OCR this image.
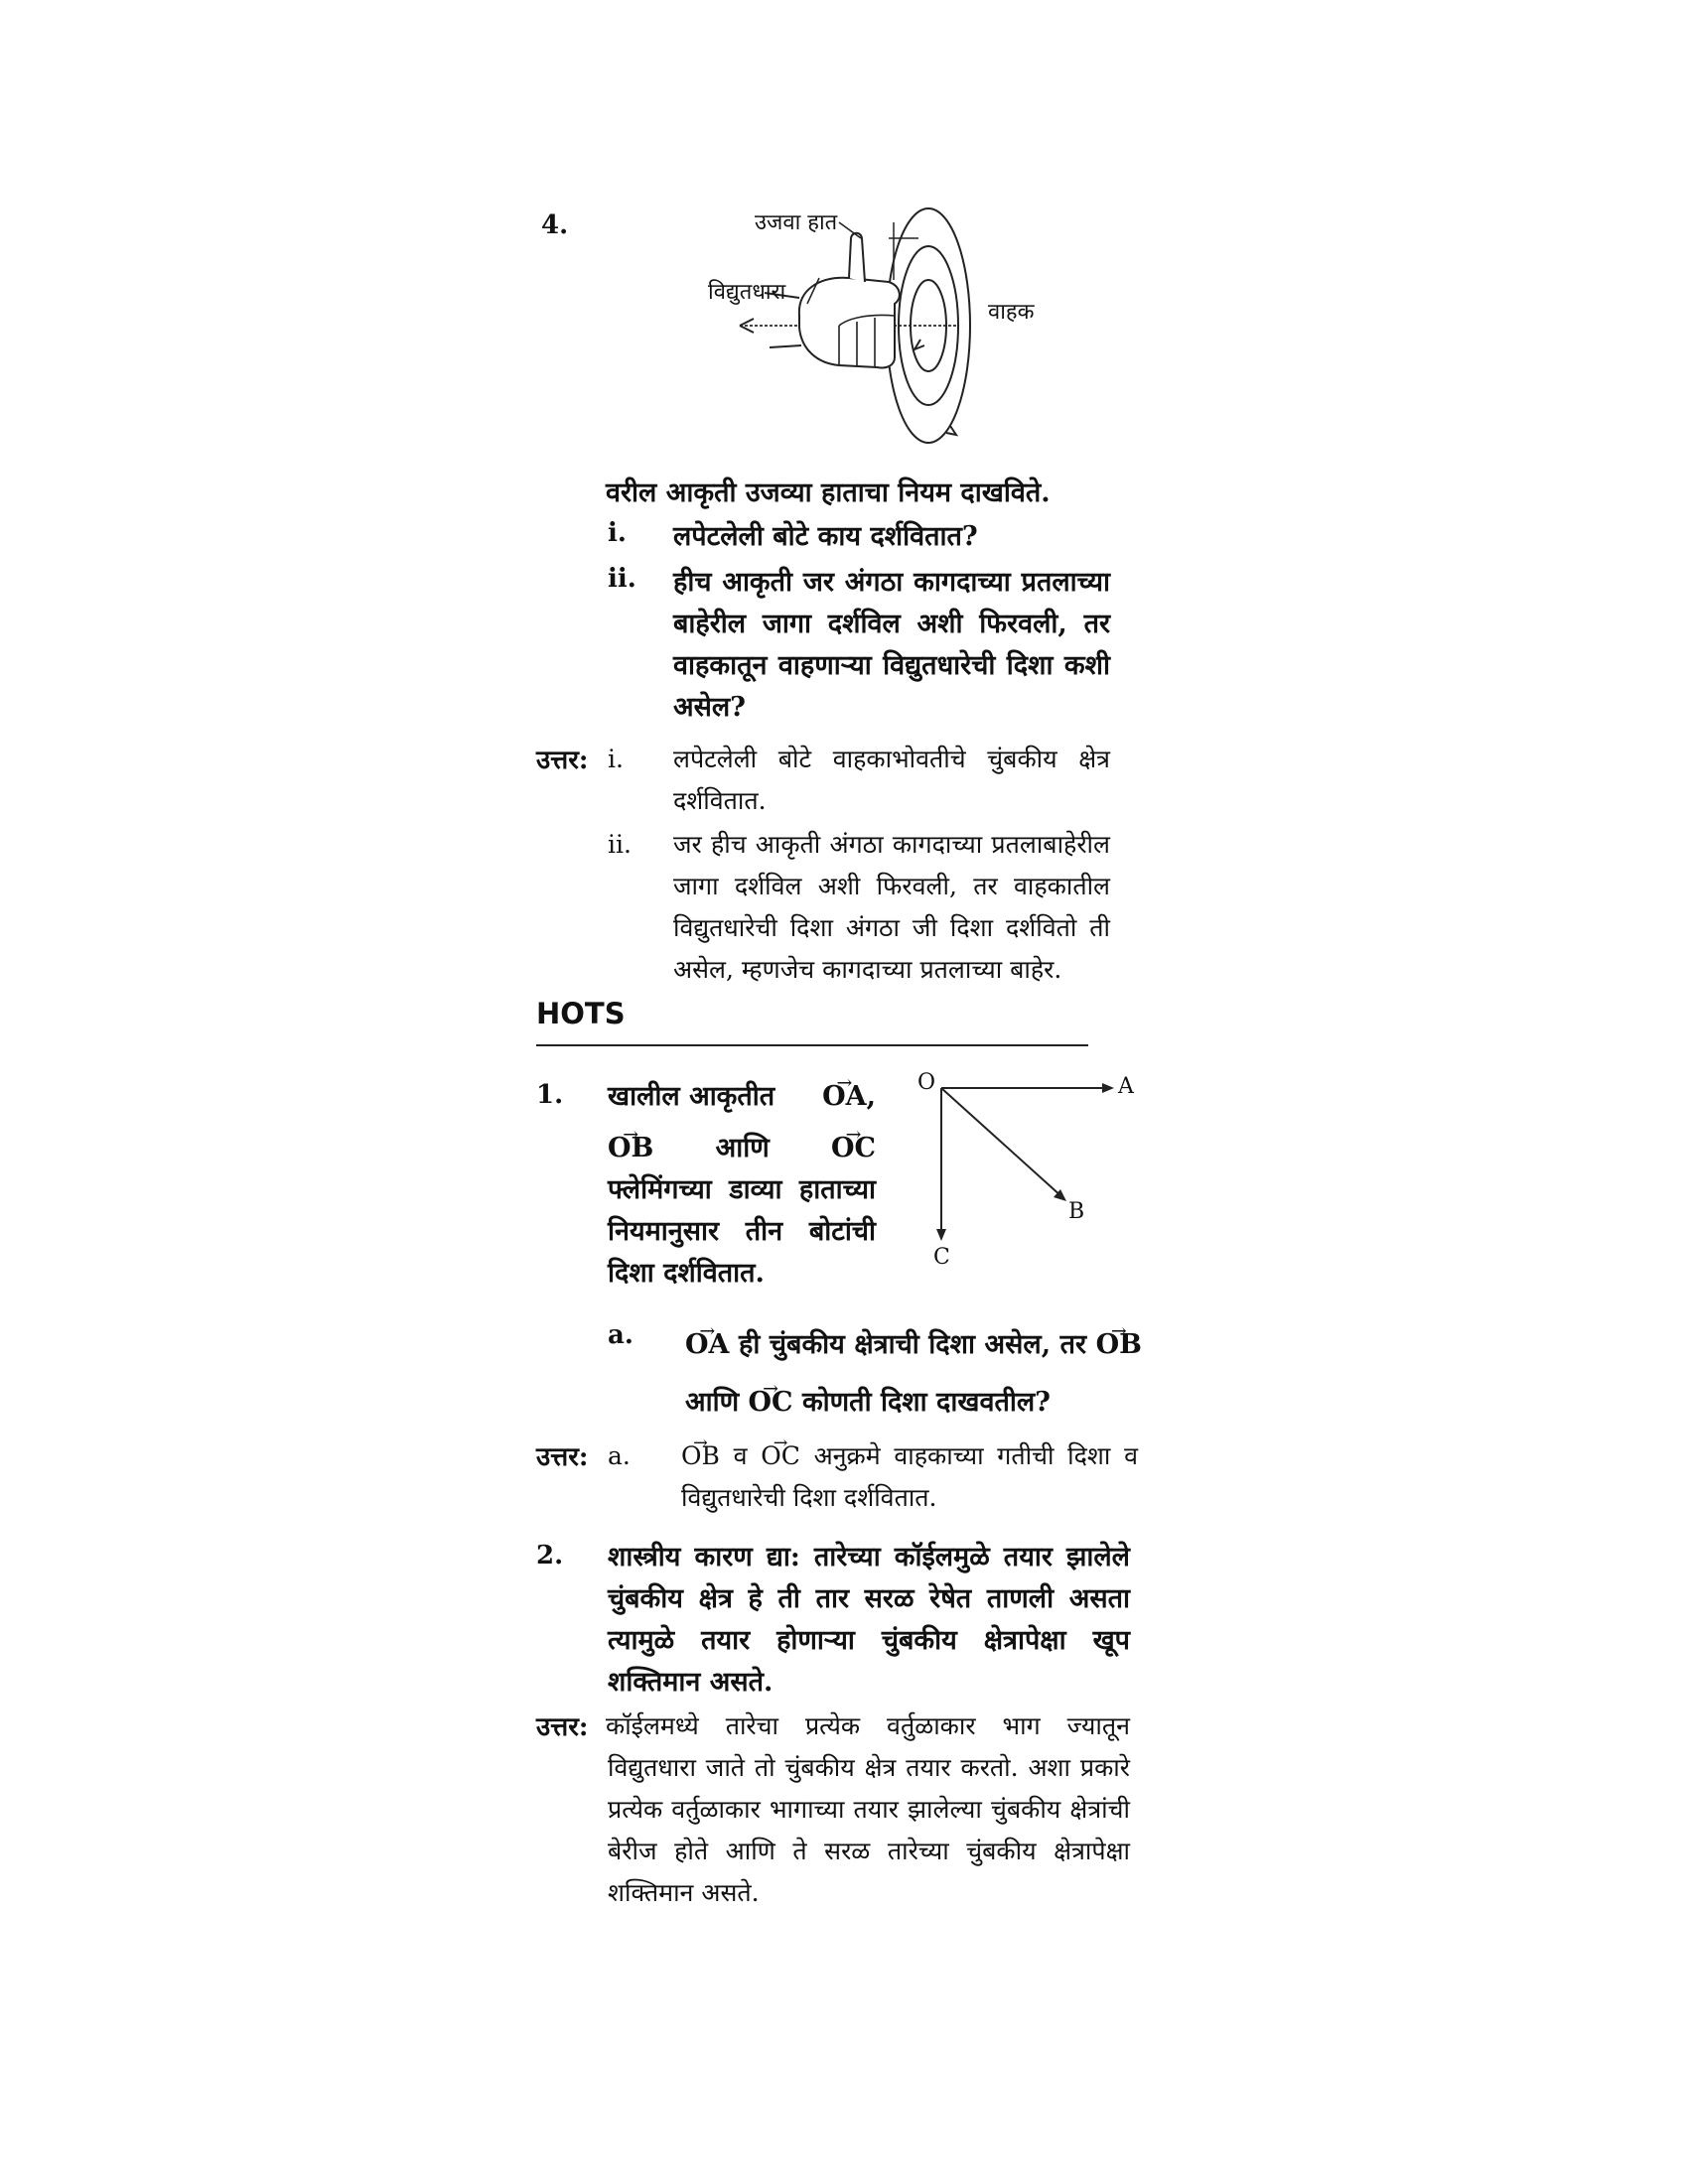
4.	उजवा हात
विद्युतधारा
वाहक
वरील आकृती उजव्या हाताचा नियम दाखविते.
i. लपेटलेली बोटे काय दर्शवितात?
ii. हीच आकृती जर अंगठा कागदाच्या प्रतलाच्या बाहेरील जागा दर्शविल अशी फिरवली, तर वाहकातून वाहणाऱ्या विद्युतधारेची दिशा कशी असेल?
उत्तर: i. लपेटलेली बोटे वाहकाभोवतीचे चुंबकीय क्षेत्र दर्शवितात.
ii. जर हीच आकृती अंगठा कागदाच्या प्रतलाबाहेरील जागा दर्शविल अशी फिरवली, तर वाहकातील विद्युतधारेची दिशा अंगठा जी दिशा दर्शवितो ती असेल, म्हणजेच कागदाच्या प्रतलाच्या बाहेर.
HOTS
1. खालील आकृतीत → OA,
→ OB आणि → OC
फ्लेमिंगच्या डाव्या हाताच्या नियमानुसार तीन बोटांची दिशा दर्शवितात.
O	A
B
C
a. → OA ही चुंबकीय क्षेत्राची दिशा असेल, तर → OB आणि → OC कोणती दिशा दाखवतील?
उत्तर: a. → OB व → OC अनुक्रमे वाहकाच्या गतीची दिशा व विद्युतधारेची दिशा दर्शवितात.
2. शास्त्रीय कारण द्या: तारेच्या कॉईलमुळे तयार झालेले चुंबकीय क्षेत्र हे ती तार सरळ रेषेत ताणली असता त्यामुळे तयार होणाऱ्या चुंबकीय क्षेत्रापेक्षा खूप शक्तिमान असते.
उत्तर: कॉईलमध्ये तारेचा प्रत्येक वर्तुळाकार भाग ज्यातून विद्युतधारा जाते तो चुंबकीय क्षेत्र तयार करतो. अशा प्रकारे प्रत्येक वर्तुळाकार भागाच्या तयार झालेल्या चुंबकीय क्षेत्रांची बेरीज होते आणि ते सरळ तारेच्या चुंबकीय क्षेत्रापेक्षा शक्तिमान असते.
